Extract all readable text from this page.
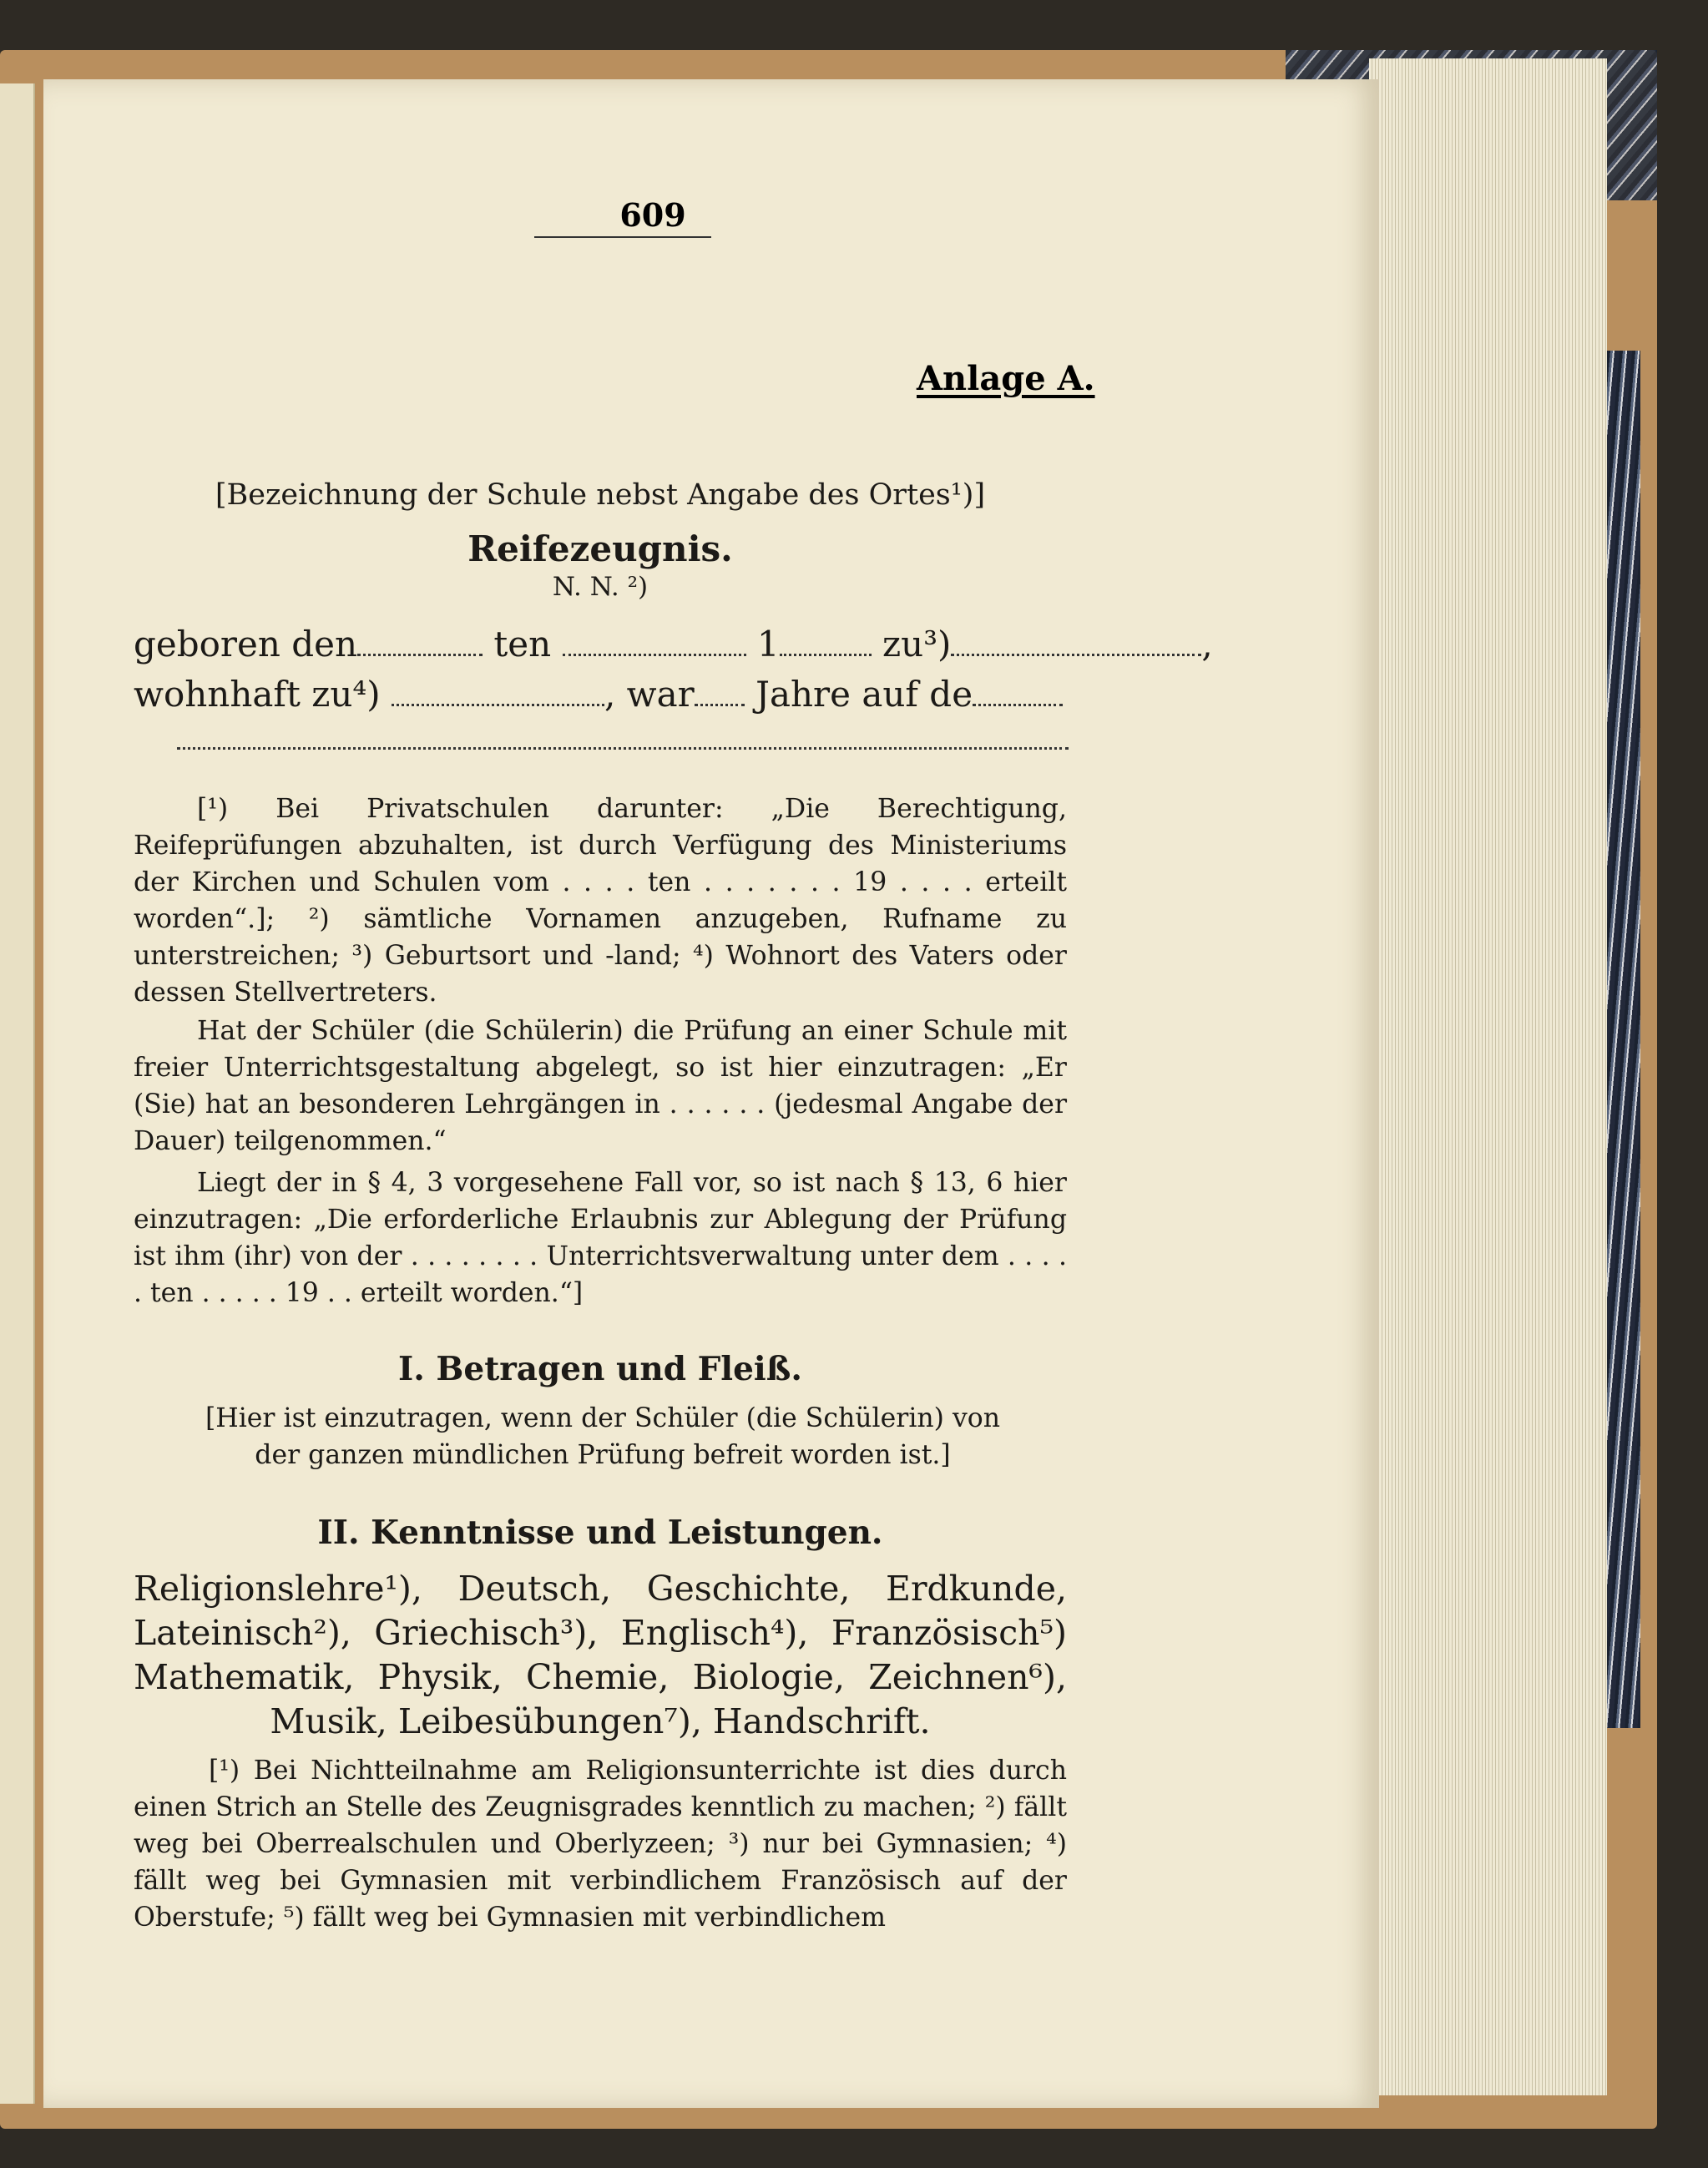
609
Anlage A.
[Bezeichnung der Schule nebst Angabe des Ortes¹)]
Reifezeugnis.
N. N. ²)
geboren den	ten	1	zu³)	,
wohnhaft zu⁴)	, war Jahre auf de
[¹) Bei Privatschulen darunter: „Die Berechtigung, Reifeprüfungen abzuhalten, ist durch Verfügung des Ministeriums der Kirchen und Schulen vom . . . . ten . . . . . . . 19 . . . . erteilt worden“.]; ²) sämtliche Vornamen anzugeben, Rufname zu unterstreichen; ³) Geburtsort und -land; ⁴) Wohnort des Vaters oder dessen Stellvertreters.
Hat der Schüler (die Schülerin) die Prüfung an einer Schule mit freier Unterrichtsgestaltung abgelegt, so ist hier einzutragen: „Er (Sie) hat an besonderen Lehrgängen in . . . . . . (jedesmal Angabe der Dauer) teilgenommen.“
Liegt der in § 4, 3 vorgesehene Fall vor, so ist nach § 13, 6 hier einzutragen: „Die erforderliche Erlaubnis zur Ablegung der Prüfung ist ihm (ihr) von der . . . . . . . . Unterrichtsverwaltung unter dem . . . . . ten . . . . . 19 . . erteilt worden.“]
I. Betragen und Fleiß.
[Hier ist einzutragen, wenn der Schüler (die Schülerin) von der ganzen mündlichen Prüfung befreit worden ist.]
II. Kenntnisse und Leistungen.
Religionslehre¹), Deutsch, Geschichte, Erdkunde, Lateinisch²), Griechisch³), Englisch⁴), Französisch⁵) Mathematik, Physik, Chemie, Biologie, Zeichnen⁶), Musik, Leibesübungen⁷), Handschrift.
[¹) Bei Nichtteilnahme am Religionsunterrichte ist dies durch einen Strich an Stelle des Zeugnisgrades kenntlich zu machen; ²) fällt weg bei Oberrealschulen und Oberlyzeen; ³) nur bei Gymnasien; ⁴) fällt weg bei Gymnasien mit verbindlichem Französisch auf der Oberstufe; ⁵) fällt weg bei Gymnasien mit verbindlichem
